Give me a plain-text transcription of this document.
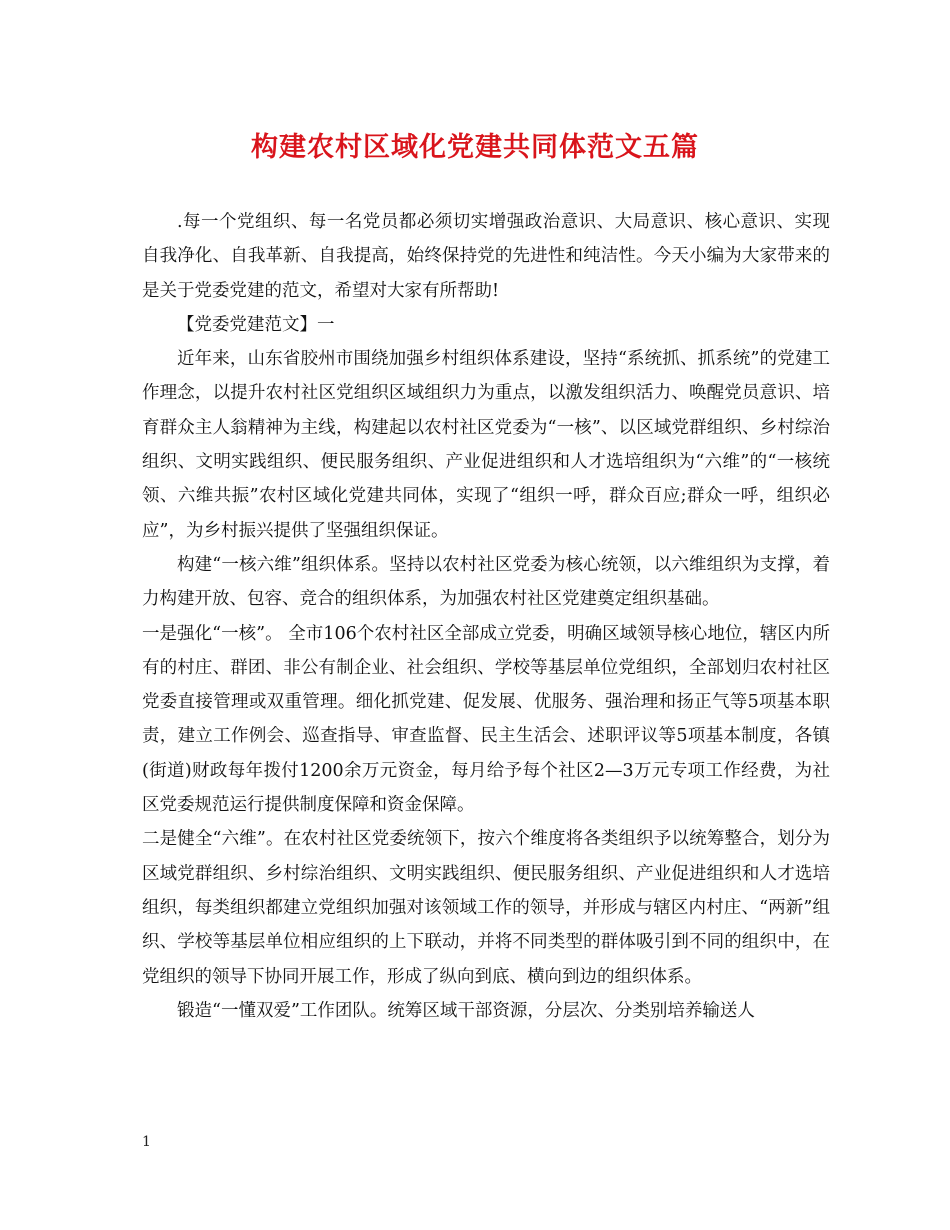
构建农村区域化党建共同体范文五篇

.每一个党组织、每一名党员都必须切实增强政治意识、大局意识、核心意识、实现自我净化、自我革新、自我提高，始终保持党的先进性和纯洁性。今天小编为大家带来的是关于党委党建的范文，希望对大家有所帮助!

【党委党建范文】一

近年来，山东省胶州市围绕加强乡村组织体系建设，坚持“系统抓、抓系统”的党建工作理念，以提升农村社区党组织区域组织力为重点，以激发组织活力、唤醒党员意识、培育群众主人翁精神为主线，构建起以农村社区党委为“一核”、以区域党群组织、乡村综治组织、文明实践组织、便民服务组织、产业促进组织和人才选培组织为“六维”的“一核统领、六维共振”农村区域化党建共同体，实现了“组织一呼，群众百应;群众一呼，组织必应”，为乡村振兴提供了坚强组织保证。

构建“一核六维”组织体系。坚持以农村社区党委为核心统领，以六维组织为支撑，着力构建开放、包容、竞合的组织体系，为加强农村社区党建奠定组织基础。

一是强化“一核”。 全市106个农村社区全部成立党委，明确区域领导核心地位，辖区内所有的村庄、群团、非公有制企业、社会组织、学校等基层单位党组织，全部划归农村社区党委直接管理或双重管理。细化抓党建、促发展、优服务、强治理和扬正气等5项基本职责，建立工作例会、巡查指导、审查监督、民主生活会、述职评议等5项基本制度，各镇(街道)财政每年拨付1200余万元资金，每月给予每个社区2—3万元专项工作经费，为社区党委规范运行提供制度保障和资金保障。

二是健全“六维”。在农村社区党委统领下，按六个维度将各类组织予以统筹整合，划分为区域党群组织、乡村综治组织、文明实践组织、便民服务组织、产业促进组织和人才选培组织，每类组织都建立党组织加强对该领域工作的领导，并形成与辖区内村庄、“两新”组织、学校等基层单位相应组织的上下联动，并将不同类型的群体吸引到不同的组织中，在党组织的领导下协同开展工作，形成了纵向到底、横向到边的组织体系。

锻造“一懂双爱”工作团队。统筹区域干部资源，分层次、分类别培养输送人

1
